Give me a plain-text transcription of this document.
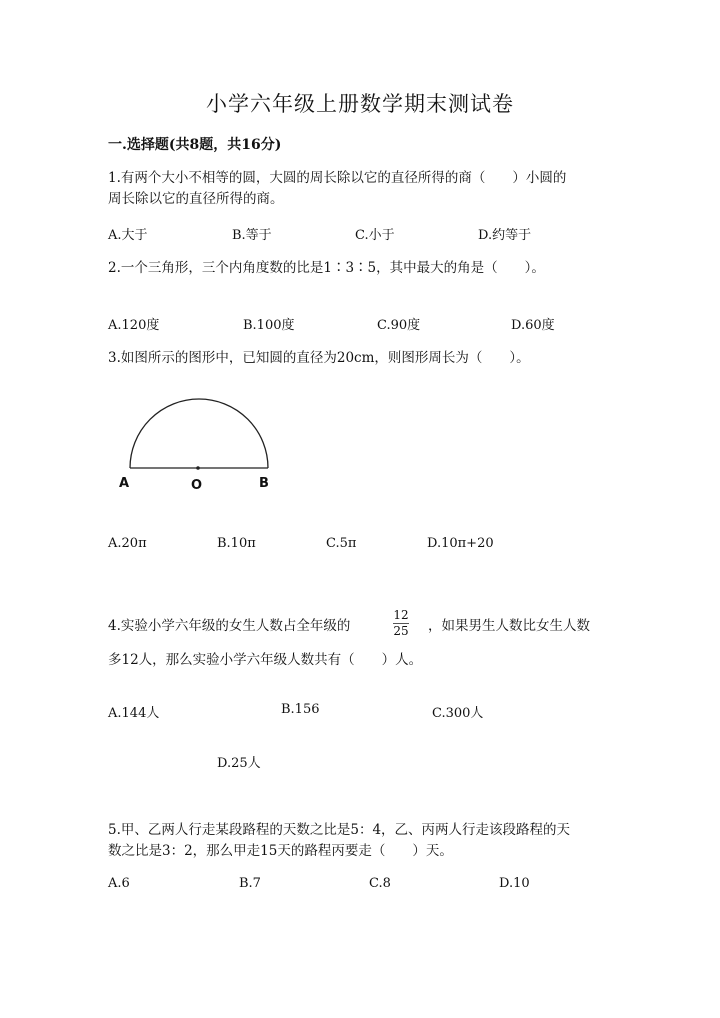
小学六年级上册数学期末测试卷
一.选择题(共8题，共16分)
1.有两个大小不相等的圆，大圆的周长除以它的直径所得的商（　　）小圆的
周长除以它的直径所得的商。
A.大于	B.等于	C.小于	D.约等于
2.一个三角形，三个内角度数的比是1∶3∶5，其中最大的角是（　　）。
A.120度	B.100度	C.90度	D.60度
3.如图所示的图形中，已知圆的直径为20cm，则图形周长为（　　）。
A	O	B
A.20π	B.10π	C.5π	D.10π+20
4.实验小学六年级的女生人数占全年级的
12
25 ，如果男生人数比女生人数
多12人，那么实验小学六年级人数共有（　　）人。
A.144人	B.156	C.300人
D.25人
5.甲、乙两人行走某段路程的天数之比是5：4，乙、丙两人行走该段路程的天
数之比是3：2，那么甲走15天的路程丙要走（　　）天。
A.6	B.7	C.8	D.10
